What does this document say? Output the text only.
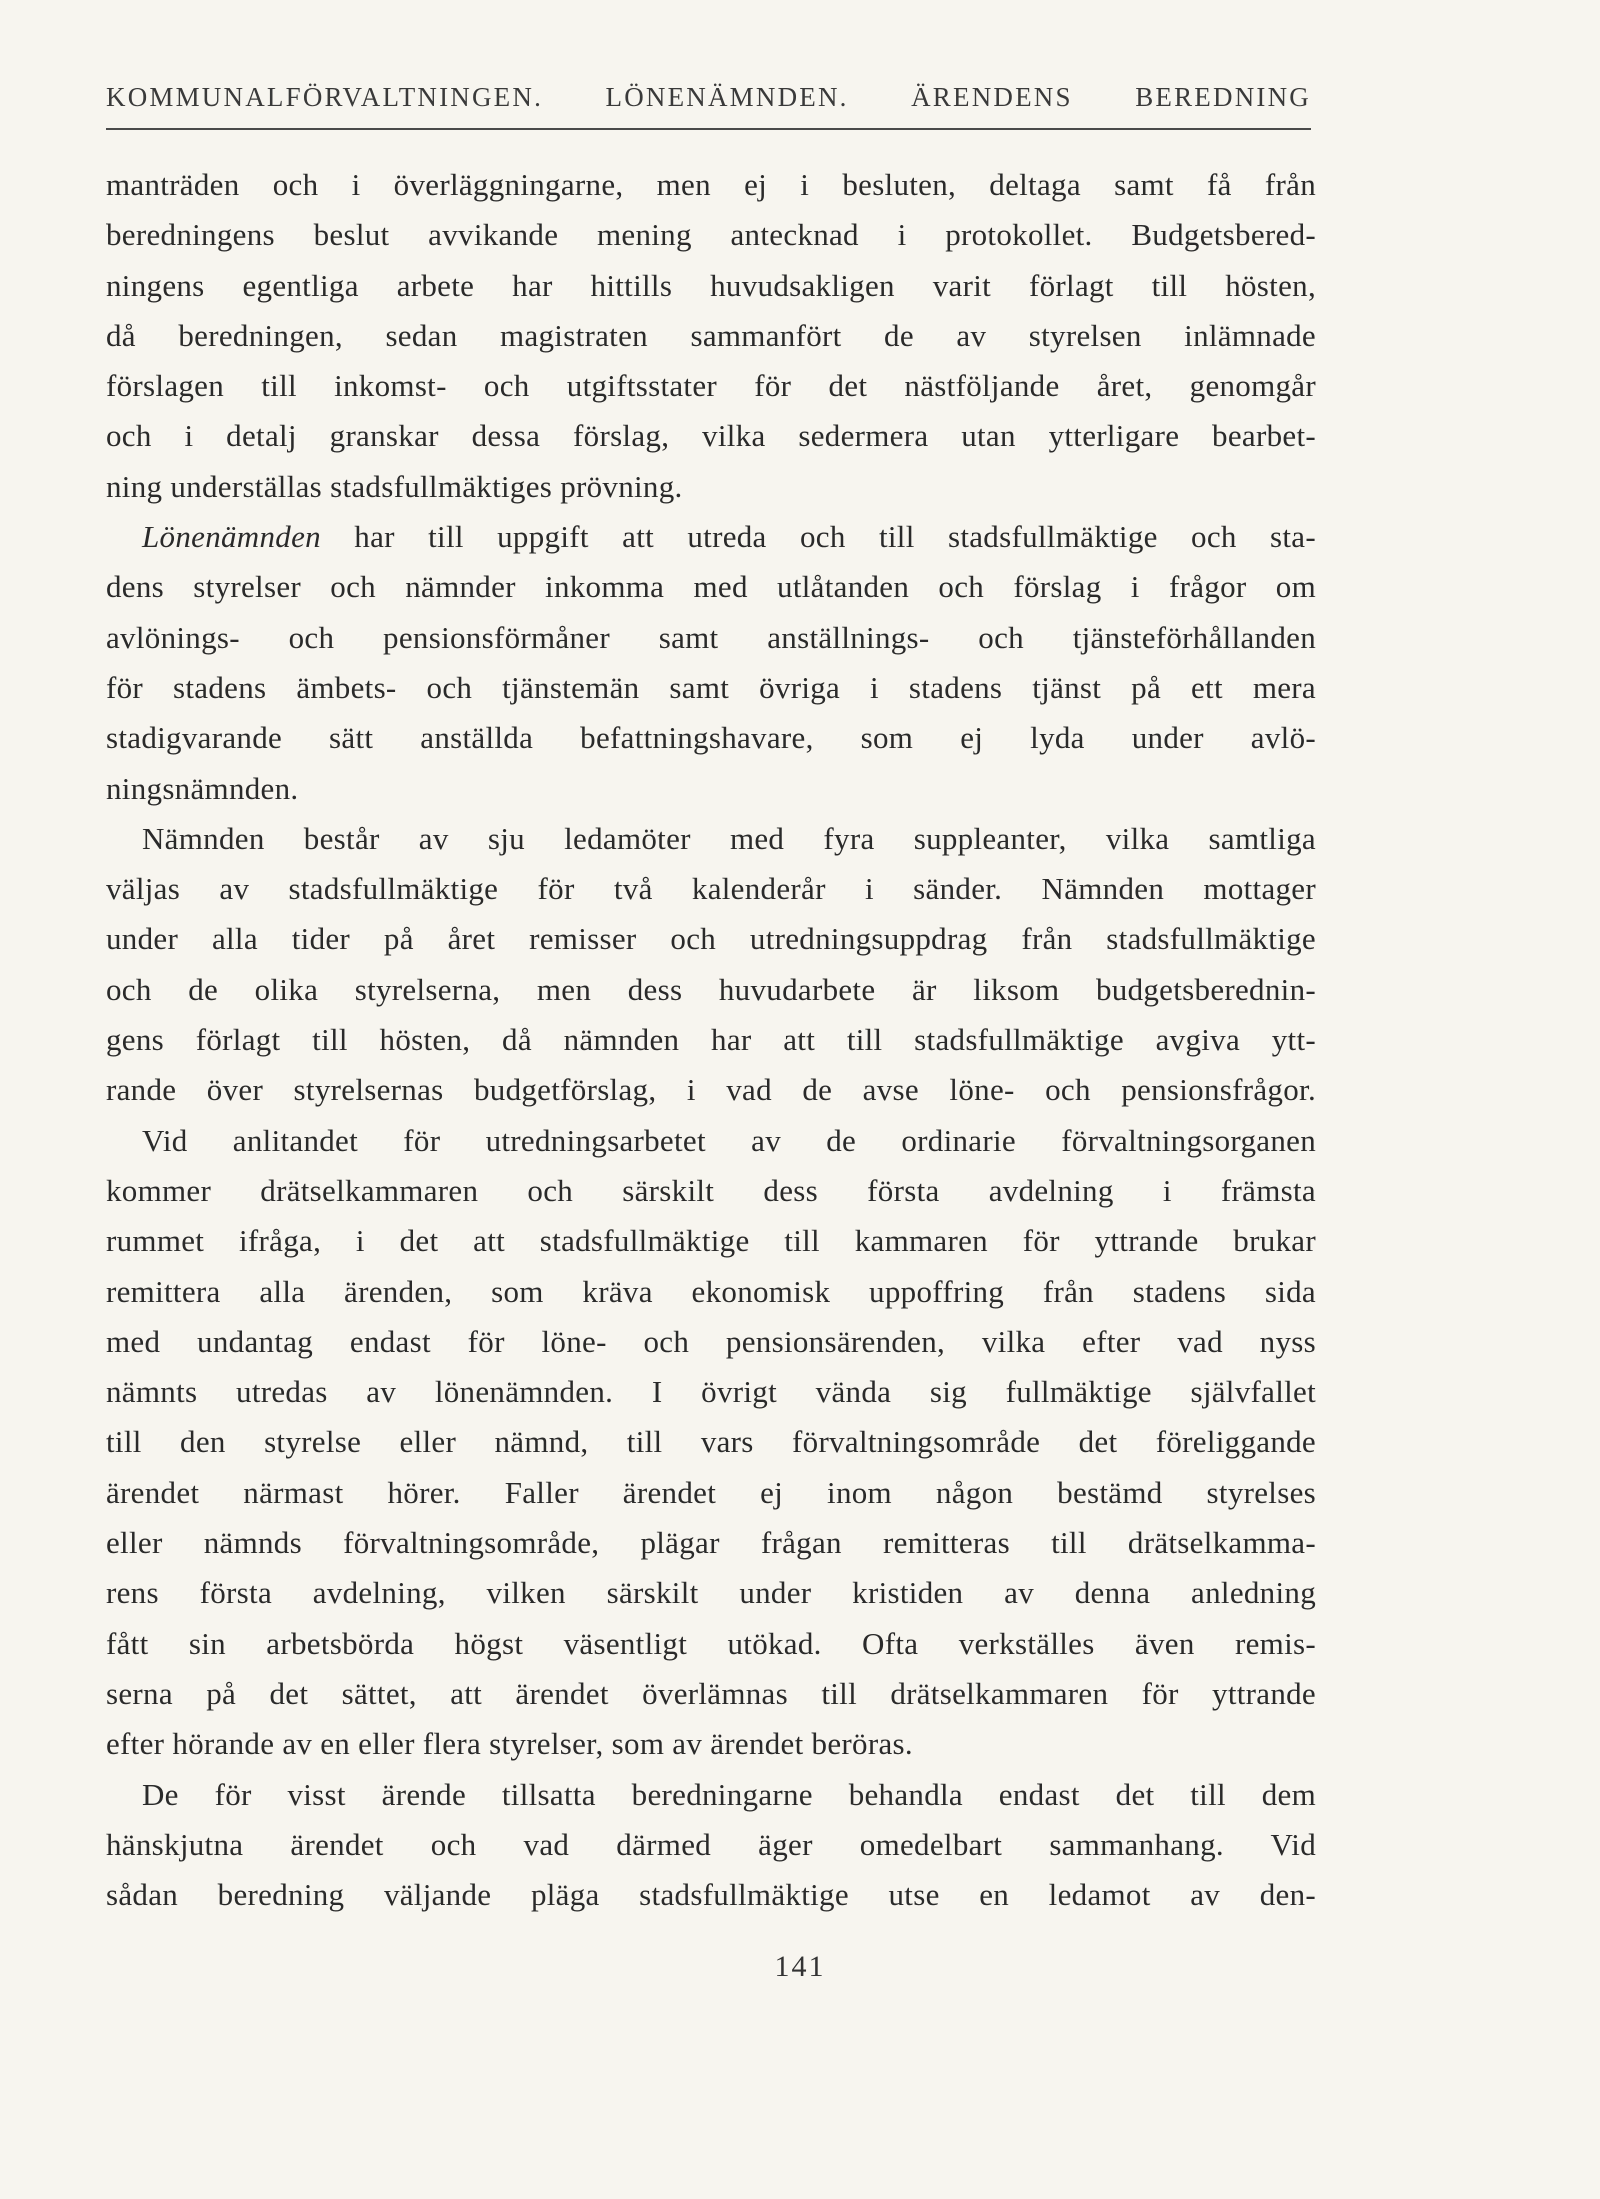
KOMMUNALFÖRVALTNINGEN. LÖNENÄMNDEN. ÄRENDENS BEREDNING
manträden och i överläggningarne, men ej i besluten, deltaga samt få från
beredningens beslut avvikande mening antecknad i protokollet. Budgetsbered-
ningens egentliga arbete har hittills huvudsakligen varit förlagt till hösten,
då beredningen, sedan magistraten sammanfört de av styrelsen inlämnade
förslagen till inkomst- och utgiftsstater för det nästföljande året, genomgår
och i detalj granskar dessa förslag, vilka sedermera utan ytterligare bearbet-
ning underställas stadsfullmäktiges prövning.
Lönenämnden har till uppgift att utreda och till stadsfullmäktige och sta-
dens styrelser och nämnder inkomma med utlåtanden och förslag i frågor om
avlönings- och pensionsförmåner samt anställnings- och tjänsteförhållanden
för stadens ämbets- och tjänstemän samt övriga i stadens tjänst på ett mera
stadigvarande sätt anställda befattningshavare, som ej lyda under avlö-
ningsnämnden.
Nämnden består av sju ledamöter med fyra suppleanter, vilka samtliga
väljas av stadsfullmäktige för två kalenderår i sänder. Nämnden mottager
under alla tider på året remisser och utredningsuppdrag från stadsfullmäktige
och de olika styrelserna, men dess huvudarbete är liksom budgetsberednin-
gens förlagt till hösten, då nämnden har att till stadsfullmäktige avgiva ytt-
rande över styrelsernas budgetförslag, i vad de avse löne- och pensionsfrågor.
Vid anlitandet för utredningsarbetet av de ordinarie förvaltningsorganen
kommer drätselkammaren och särskilt dess första avdelning i främsta
rummet ifråga, i det att stadsfullmäktige till kammaren för yttrande brukar
remittera alla ärenden, som kräva ekonomisk uppoffring från stadens sida
med undantag endast för löne- och pensionsärenden, vilka efter vad nyss
nämnts utredas av lönenämnden. I övrigt vända sig fullmäktige självfallet
till den styrelse eller nämnd, till vars förvaltningsområde det föreliggande
ärendet närmast hörer. Faller ärendet ej inom någon bestämd styrelses
eller nämnds förvaltningsområde, plägar frågan remitteras till drätselkamma-
rens första avdelning, vilken särskilt under kristiden av denna anledning
fått sin arbetsbörda högst väsentligt utökad. Ofta verkställes även remis-
serna på det sättet, att ärendet överlämnas till drätselkammaren för yttrande
efter hörande av en eller flera styrelser, som av ärendet beröras.
De för visst ärende tillsatta beredningarne behandla endast det till dem
hänskjutna ärendet och vad därmed äger omedelbart sammanhang. Vid
sådan beredning väljande pläga stadsfullmäktige utse en ledamot av den-
141
